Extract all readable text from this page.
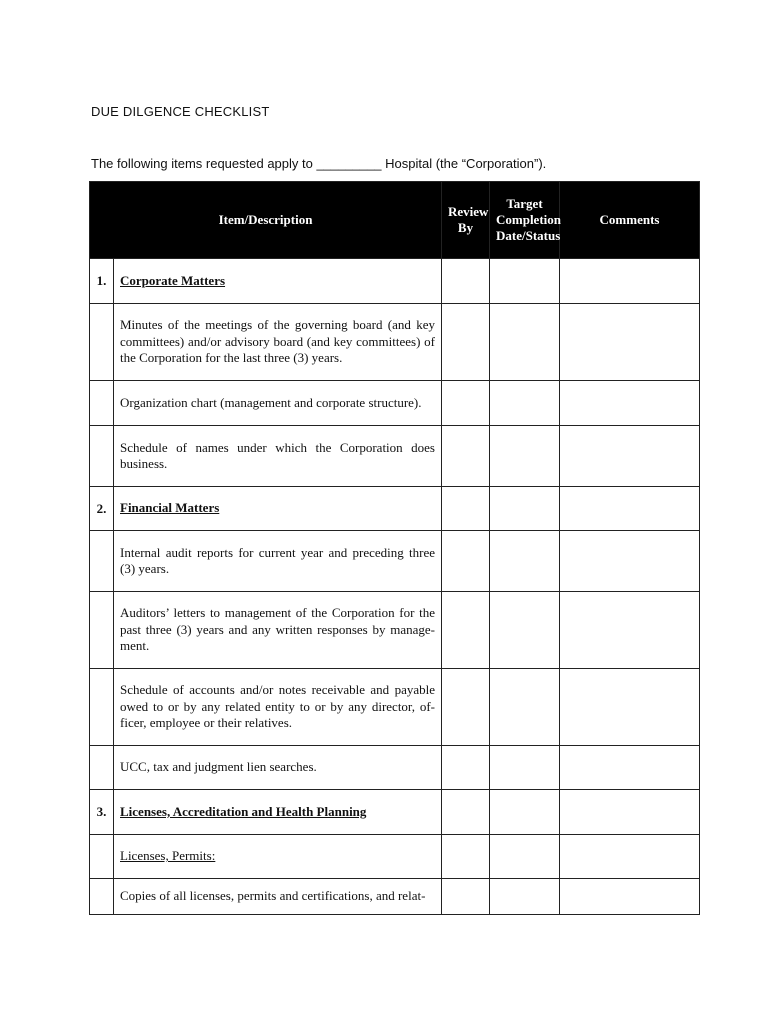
DUE DILGENCE CHECKLIST
The following items requested apply to _________ Hospital (the “Corporation”).
Item/Description		Review By	Target Completion Date/Status	Comments
1.	Corporate Matters			
	Minutes of the meetings of the governing board (and key committees) and/or advisory board (and key committees) of the Corporation for the last three (3) years.			
	Organization chart (management and corporate structure).			
	Schedule of names under which the Corporation does business.			
2.	Financial Matters			
	Internal audit reports for current year and preceding three (3) years.			
	Auditors’ letters to management of the Corporation for the past three (3) years and any written responses by manage-ment.			
	Schedule of accounts and/or notes receivable and payable owed to or by any related entity to or by any director, of-ficer, employee or their relatives.			
	UCC, tax and judgment lien searches.			
3.	Licenses, Accreditation and Health Planning			
	Licenses, Permits:			
	Copies of all licenses, permits and certifications, and relat-			
